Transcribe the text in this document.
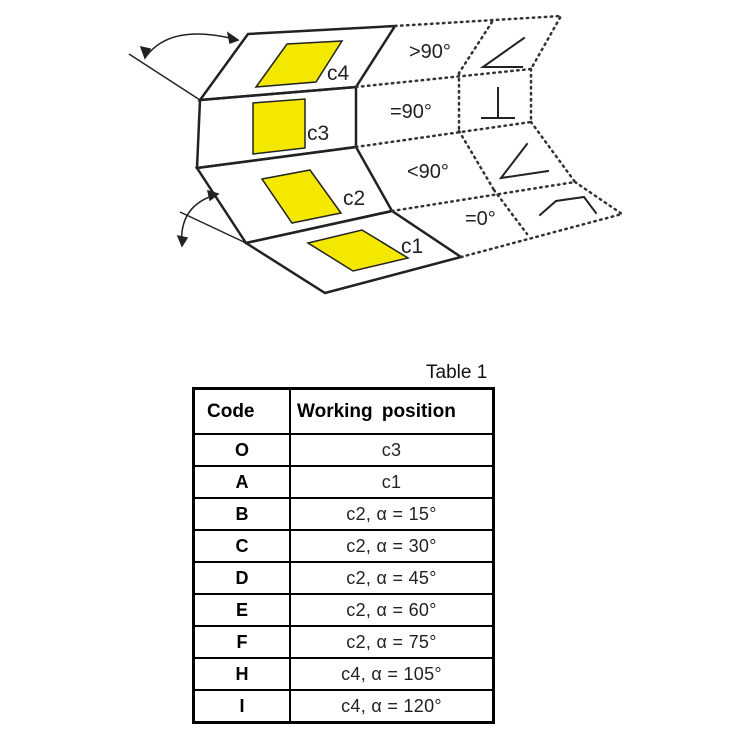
c4
c3
c2
c1
>90°
=90°
<90°
=0°
Table 1
Code	Working position
O	c3
A	c1
B	c2, α = 15°
C	c2, α = 30°
D	c2, α = 45°
E	c2, α = 60°
F	c2, α = 75°
H	c4, α = 105°
I	c4, α = 120°
